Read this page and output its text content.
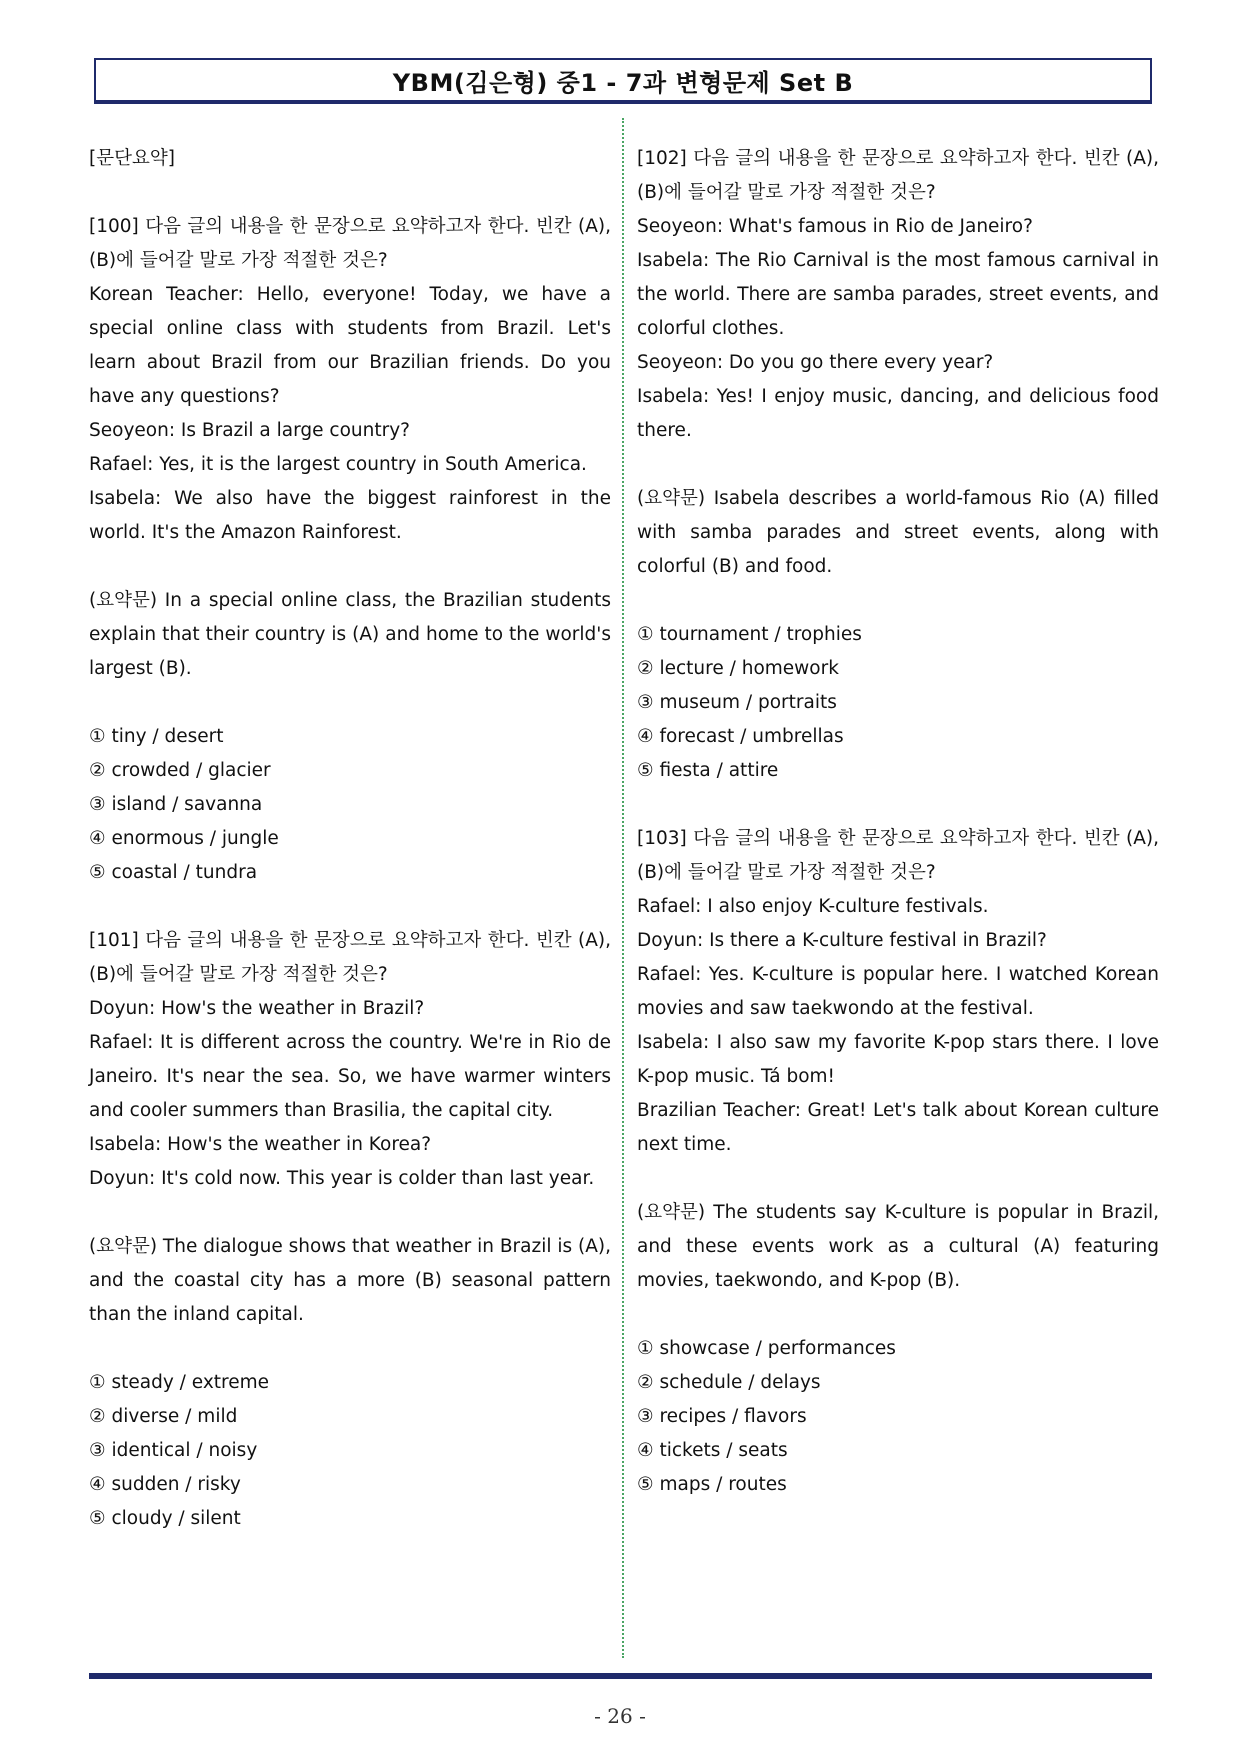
YBM(김은형) 중1 - 7과 변형문제 Set B

[문단요약]

[100] 다음 글의 내용을 한 문장으로 요약하고자 한다. 빈칸 (A), (B)에 들어갈 말로 가장 적절한 것은?

Korean Teacher: Hello, everyone! Today, we have a special online class with students from Brazil. Let's learn about Brazil from our Brazilian friends. Do you have any questions?

Seoyeon: Is Brazil a large country?

Rafael: Yes, it is the largest country in South America.

Isabela: We also have the biggest rainforest in the world. It's the Amazon Rainforest.

(요약문) In a special online class, the Brazilian students explain that their country is (A) and home to the world's largest (B).

① tiny / desert

② crowded / glacier

③ island / savanna

④ enormous / jungle

⑤ coastal / tundra

[101] 다음 글의 내용을 한 문장으로 요약하고자 한다. 빈칸 (A), (B)에 들어갈 말로 가장 적절한 것은?

Doyun: How's the weather in Brazil?

Rafael: It is different across the country. We're in Rio de Janeiro. It's near the sea. So, we have warmer winters and cooler summers than Brasilia, the capital city.

Isabela: How's the weather in Korea?

Doyun: It's cold now. This year is colder than last year.

(요약문) The dialogue shows that weather in Brazil is (A), and the coastal city has a more (B) seasonal pattern than the inland capital.

① steady / extreme

② diverse / mild

③ identical / noisy

④ sudden / risky

⑤ cloudy / silent

[102] 다음 글의 내용을 한 문장으로 요약하고자 한다. 빈칸 (A), (B)에 들어갈 말로 가장 적절한 것은?

Seoyeon: What's famous in Rio de Janeiro?

Isabela: The Rio Carnival is the most famous carnival in the world. There are samba parades, street events, and colorful clothes.

Seoyeon: Do you go there every year?

Isabela: Yes! I enjoy music, dancing, and delicious food there.

(요약문) Isabela describes a world-famous Rio (A) filled with samba parades and street events, along with colorful (B) and food.

① tournament / trophies

② lecture / homework

③ museum / portraits

④ forecast / umbrellas

⑤ fiesta / attire

[103] 다음 글의 내용을 한 문장으로 요약하고자 한다. 빈칸 (A), (B)에 들어갈 말로 가장 적절한 것은?

Rafael: I also enjoy K-culture festivals.

Doyun: Is there a K-culture festival in Brazil?

Rafael: Yes. K-culture is popular here. I watched Korean movies and saw taekwondo at the festival.

Isabela: I also saw my favorite K-pop stars there. I love K-pop music. Tá bom!

Brazilian Teacher: Great! Let's talk about Korean culture next time.

(요약문) The students say K-culture is popular in Brazil, and these events work as a cultural (A) featuring movies, taekwondo, and K-pop (B).

① showcase / performances

② schedule / delays

③ recipes / flavors

④ tickets / seats

⑤ maps / routes

- 26 -
